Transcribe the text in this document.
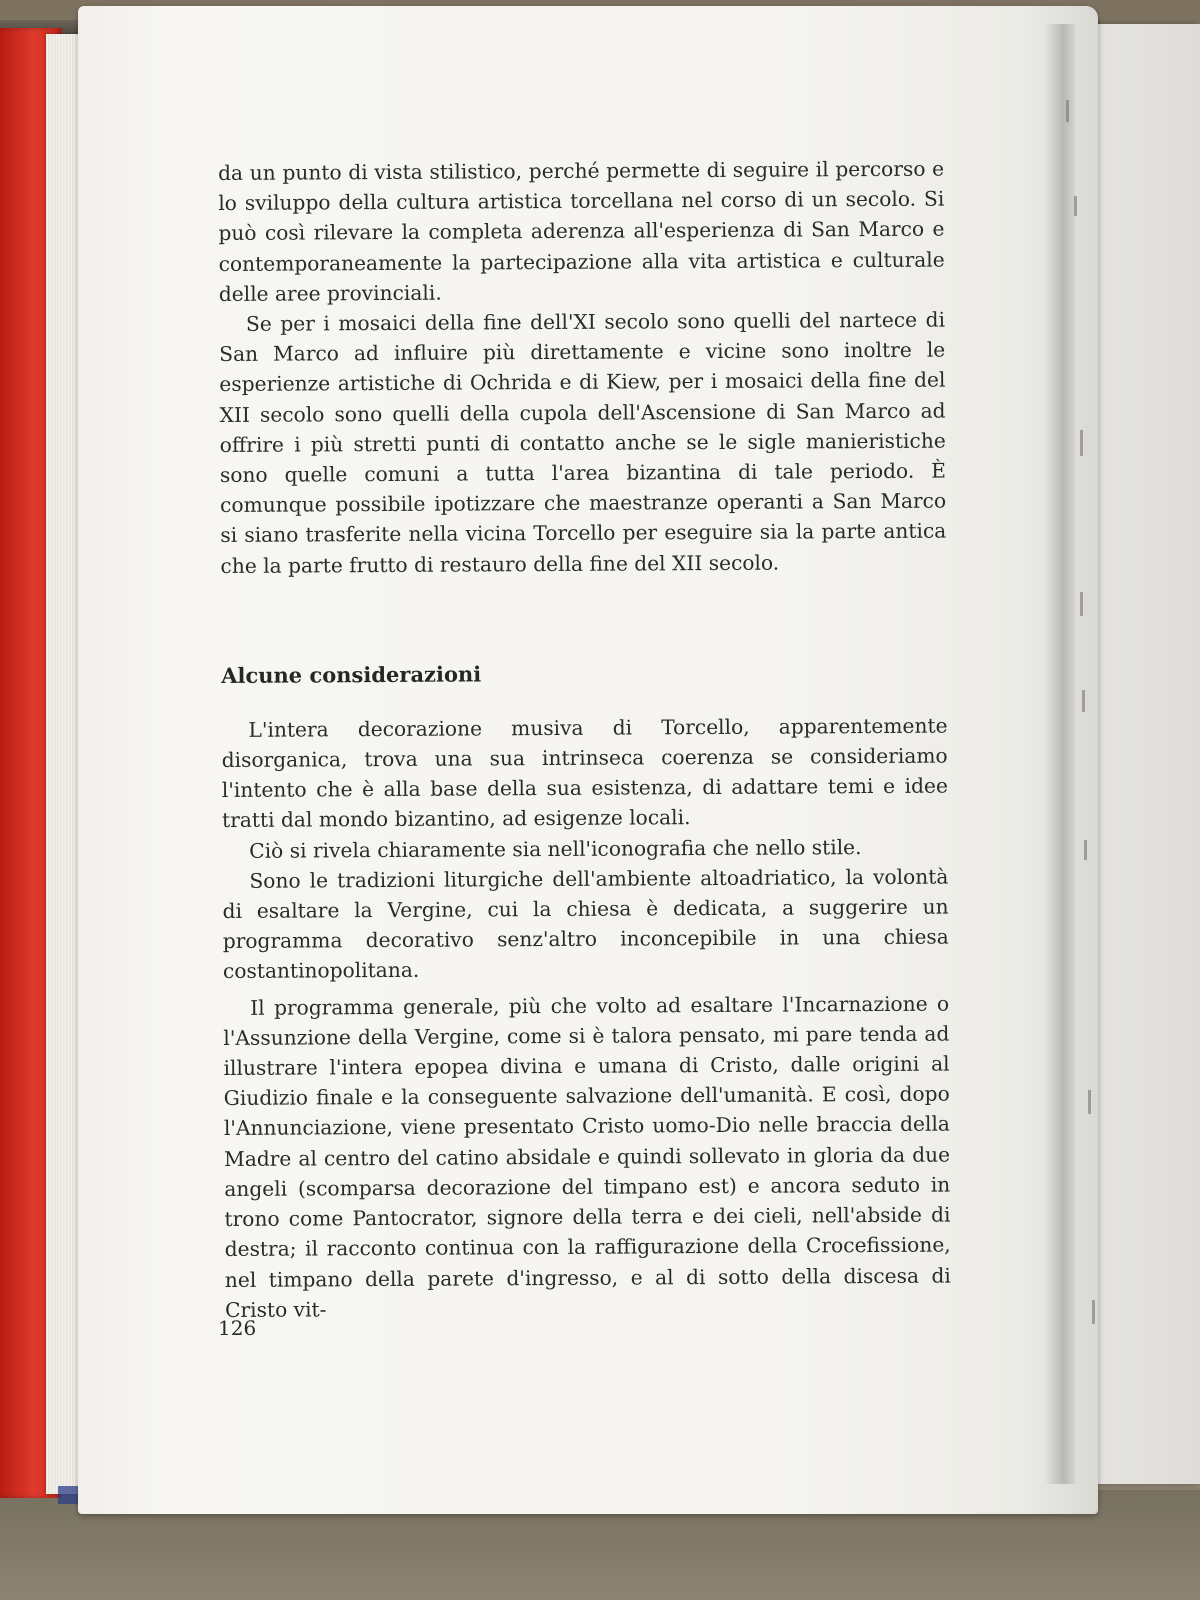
da un punto di vista stilistico, perché permette di seguire il percorso e lo sviluppo della cultura artistica torcellana nel corso di un secolo. Si può così rilevare la completa aderenza all'esperienza di San Marco e contemporaneamente la partecipazione alla vita artistica e culturale delle aree provinciali.

Se per i mosaici della fine dell'XI secolo sono quelli del nartece di San Marco ad influire più direttamente e vicine sono inoltre le esperienze artistiche di Ochrida e di Kiew, per i mosaici della fine del XII secolo sono quelli della cupola dell'Ascensione di San Marco ad offrire i più stretti punti di contatto anche se le sigle manieristiche sono quelle comuni a tutta l'area bizantina di tale periodo. È comunque possibile ipotizzare che maestranze operanti a San Marco si siano trasferite nella vicina Torcello per eseguire sia la parte antica che la parte frutto di restauro della fine del XII secolo.

Alcune considerazioni

L'intera decorazione musiva di Torcello, apparentemente disorganica, trova una sua intrinseca coerenza se consideriamo l'intento che è alla base della sua esistenza, di adattare temi e idee tratti dal mondo bizantino, ad esigenze locali.

Ciò si rivela chiaramente sia nell'iconografia che nello stile.

Sono le tradizioni liturgiche dell'ambiente altoadriatico, la volontà di esaltare la Vergine, cui la chiesa è dedicata, a suggerire un programma decorativo senz'altro inconcepibile in una chiesa costantinopolitana.

Il programma generale, più che volto ad esaltare l'Incarnazione o l'Assunzione della Vergine, come si è talora pensato, mi pare tenda ad illustrare l'intera epopea divina e umana di Cristo, dalle origini al Giudizio finale e la conseguente salvazione dell'umanità. E così, dopo l'Annunciazione, viene presentato Cristo uomo-Dio nelle braccia della Madre al centro del catino absidale e quindi sollevato in gloria da due angeli (scomparsa decorazione del timpano est) e ancora seduto in trono come Pantocrator, signore della terra e dei cieli, nell'abside di destra; il racconto continua con la raffigurazione della Crocefissione, nel timpano della parete d'ingresso, e al di sotto della discesa di Cristo vit-

126
